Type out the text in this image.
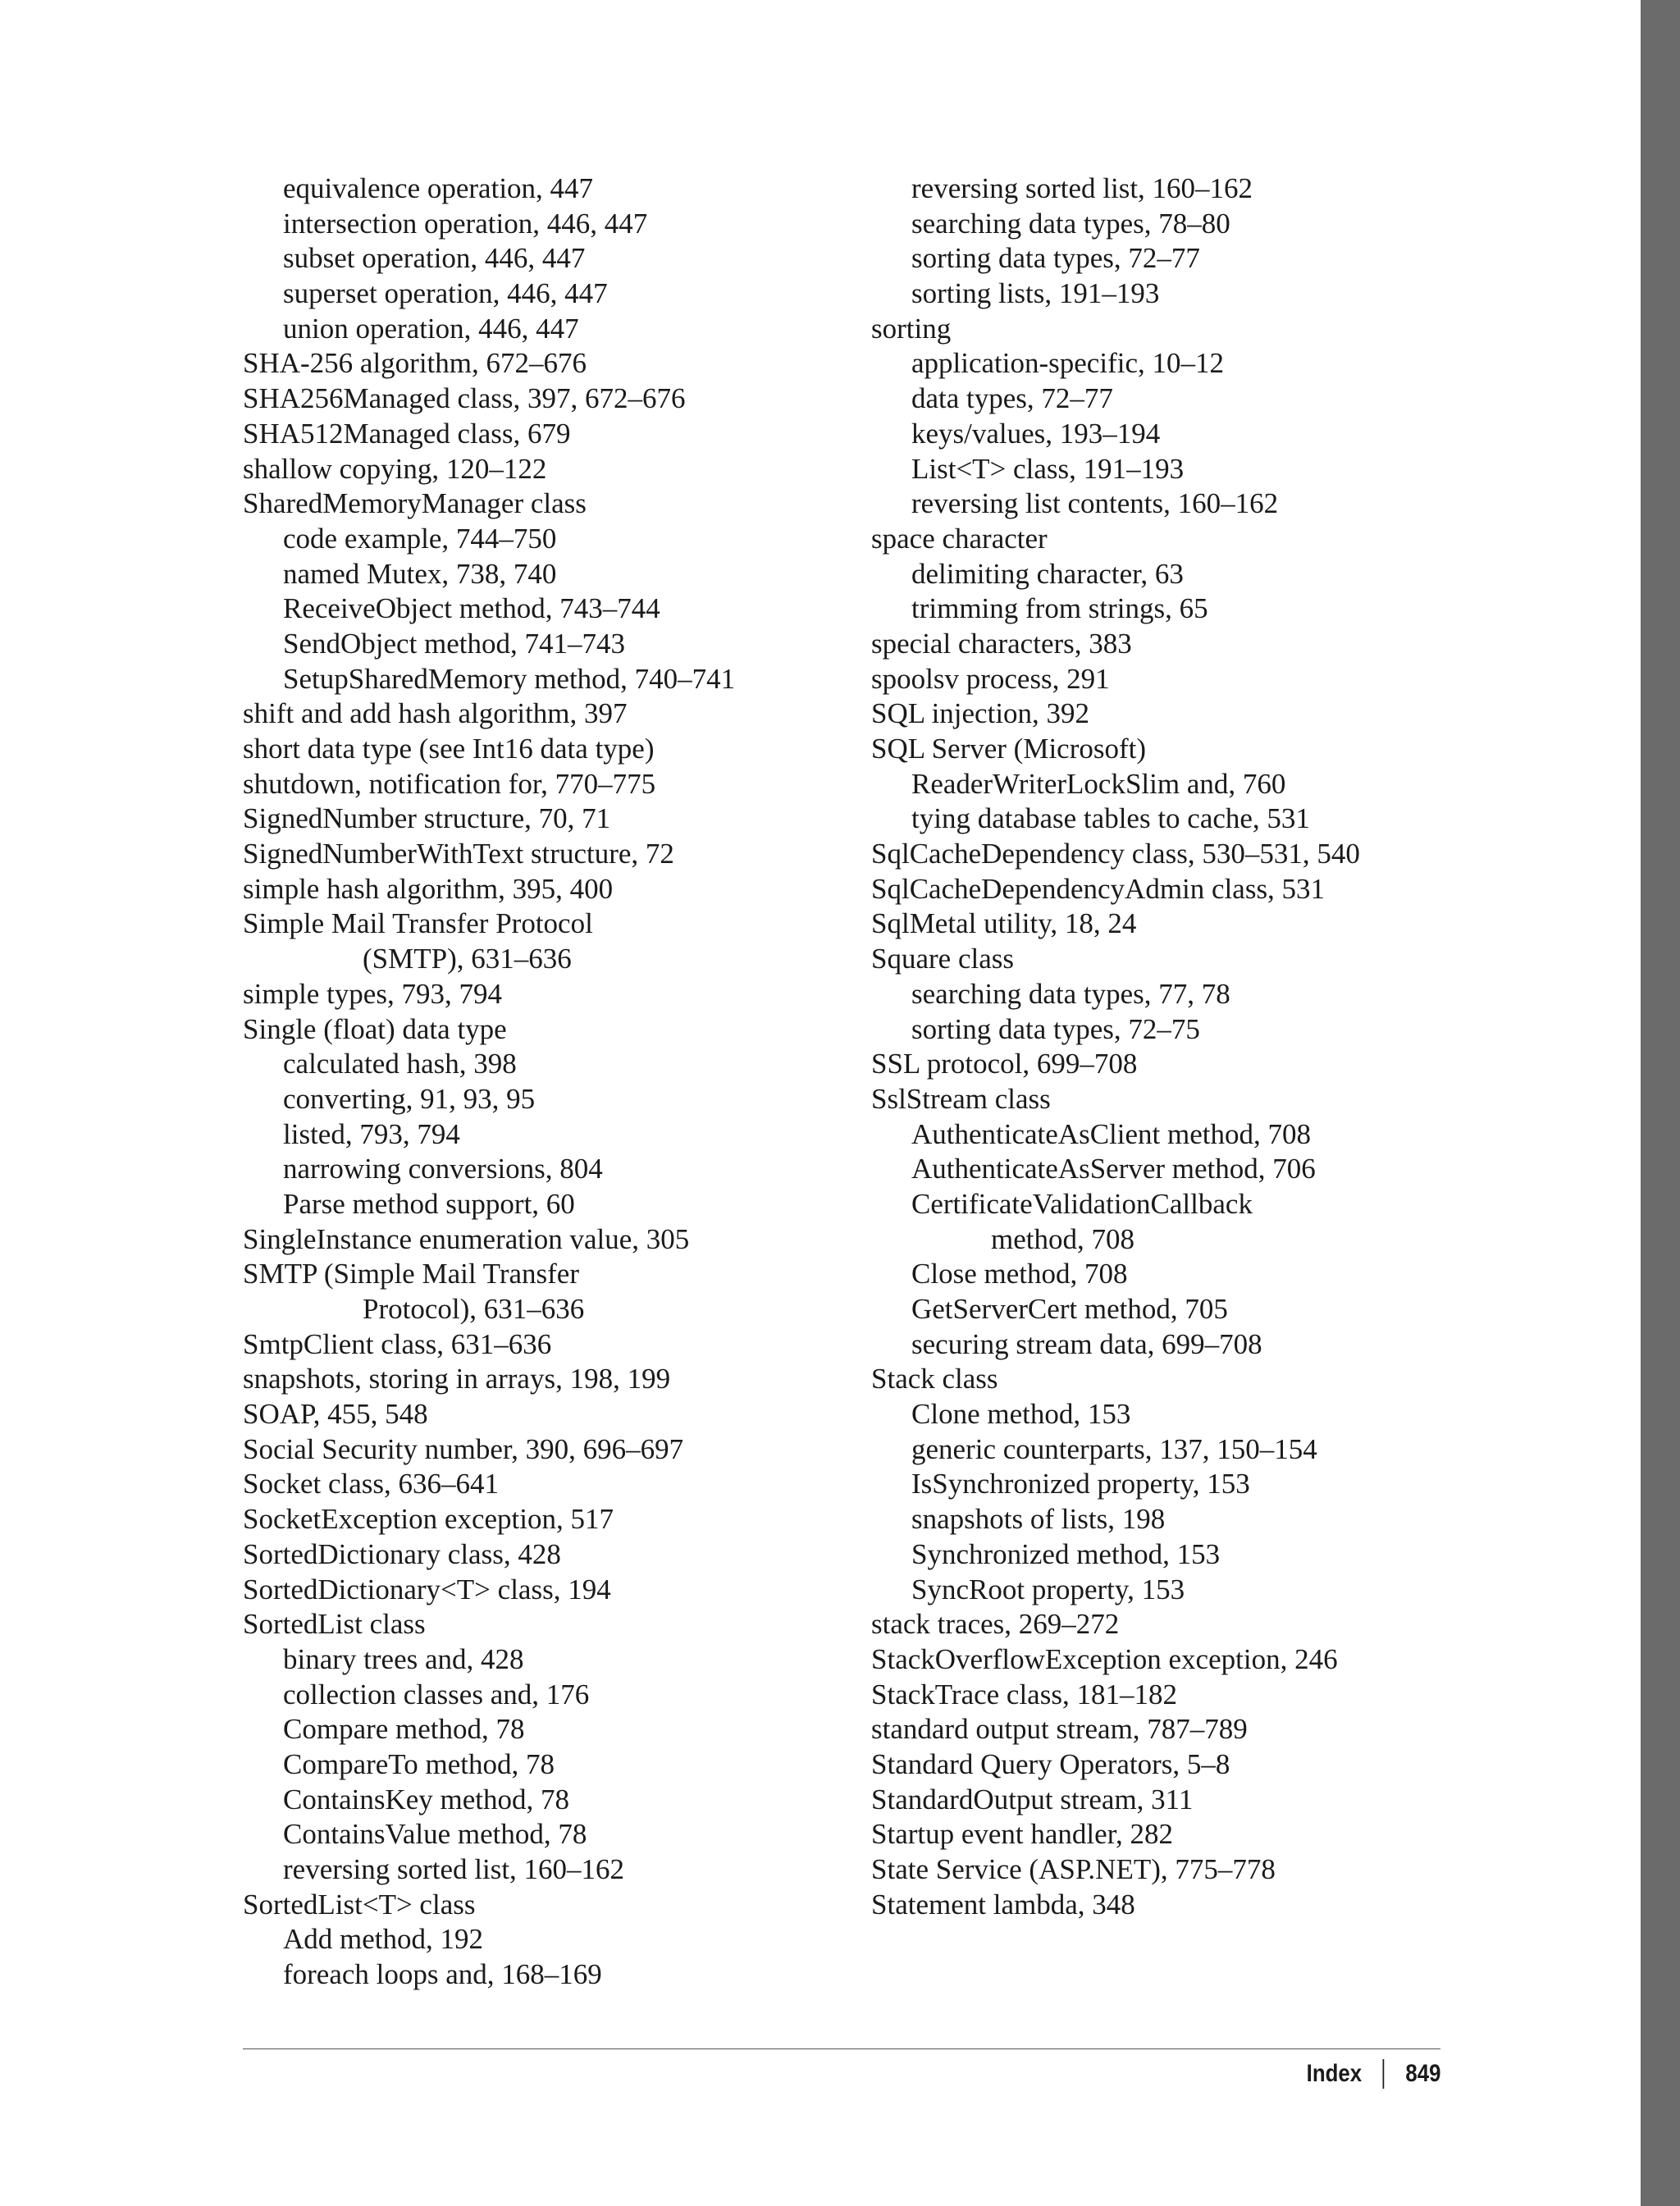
equivalence operation, 447
intersection operation, 446, 447
subset operation, 446, 447
superset operation, 446, 447
union operation, 446, 447
SHA-256 algorithm, 672–676
SHA256Managed class, 397, 672–676
SHA512Managed class, 679
shallow copying, 120–122
SharedMemoryManager class
code example, 744–750
named Mutex, 738, 740
ReceiveObject method, 743–744
SendObject method, 741–743
SetupSharedMemory method, 740–741
shift and add hash algorithm, 397
short data type (see Int16 data type)
shutdown, notification for, 770–775
SignedNumber structure, 70, 71
SignedNumberWithText structure, 72
simple hash algorithm, 395, 400
Simple Mail Transfer Protocol
(SMTP), 631–636
simple types, 793, 794
Single (float) data type
calculated hash, 398
converting, 91, 93, 95
listed, 793, 794
narrowing conversions, 804
Parse method support, 60
SingleInstance enumeration value, 305
SMTP (Simple Mail Transfer
Protocol), 631–636
SmtpClient class, 631–636
snapshots, storing in arrays, 198, 199
SOAP, 455, 548
Social Security number, 390, 696–697
Socket class, 636–641
SocketException exception, 517
SortedDictionary class, 428
SortedDictionary<T> class, 194
SortedList class
binary trees and, 428
collection classes and, 176
Compare method, 78
CompareTo method, 78
ContainsKey method, 78
ContainsValue method, 78
reversing sorted list, 160–162
SortedList<T> class
Add method, 192
foreach loops and, 168–169
reversing sorted list, 160–162
searching data types, 78–80
sorting data types, 72–77
sorting lists, 191–193
sorting
application-specific, 10–12
data types, 72–77
keys/values, 193–194
List<T> class, 191–193
reversing list contents, 160–162
space character
delimiting character, 63
trimming from strings, 65
special characters, 383
spoolsv process, 291
SQL injection, 392
SQL Server (Microsoft)
ReaderWriterLockSlim and, 760
tying database tables to cache, 531
SqlCacheDependency class, 530–531, 540
SqlCacheDependencyAdmin class, 531
SqlMetal utility, 18, 24
Square class
searching data types, 77, 78
sorting data types, 72–75
SSL protocol, 699–708
SslStream class
AuthenticateAsClient method, 708
AuthenticateAsServer method, 706
CertificateValidationCallback
method, 708
Close method, 708
GetServerCert method, 705
securing stream data, 699–708
Stack class
Clone method, 153
generic counterparts, 137, 150–154
IsSynchronized property, 153
snapshots of lists, 198
Synchronized method, 153
SyncRoot property, 153
stack traces, 269–272
StackOverflowException exception, 246
StackTrace class, 181–182
standard output stream, 787–789
Standard Query Operators, 5–8
StandardOutput stream, 311
Startup event handler, 282
State Service (ASP.NET), 775–778
Statement lambda, 348
Index 849
